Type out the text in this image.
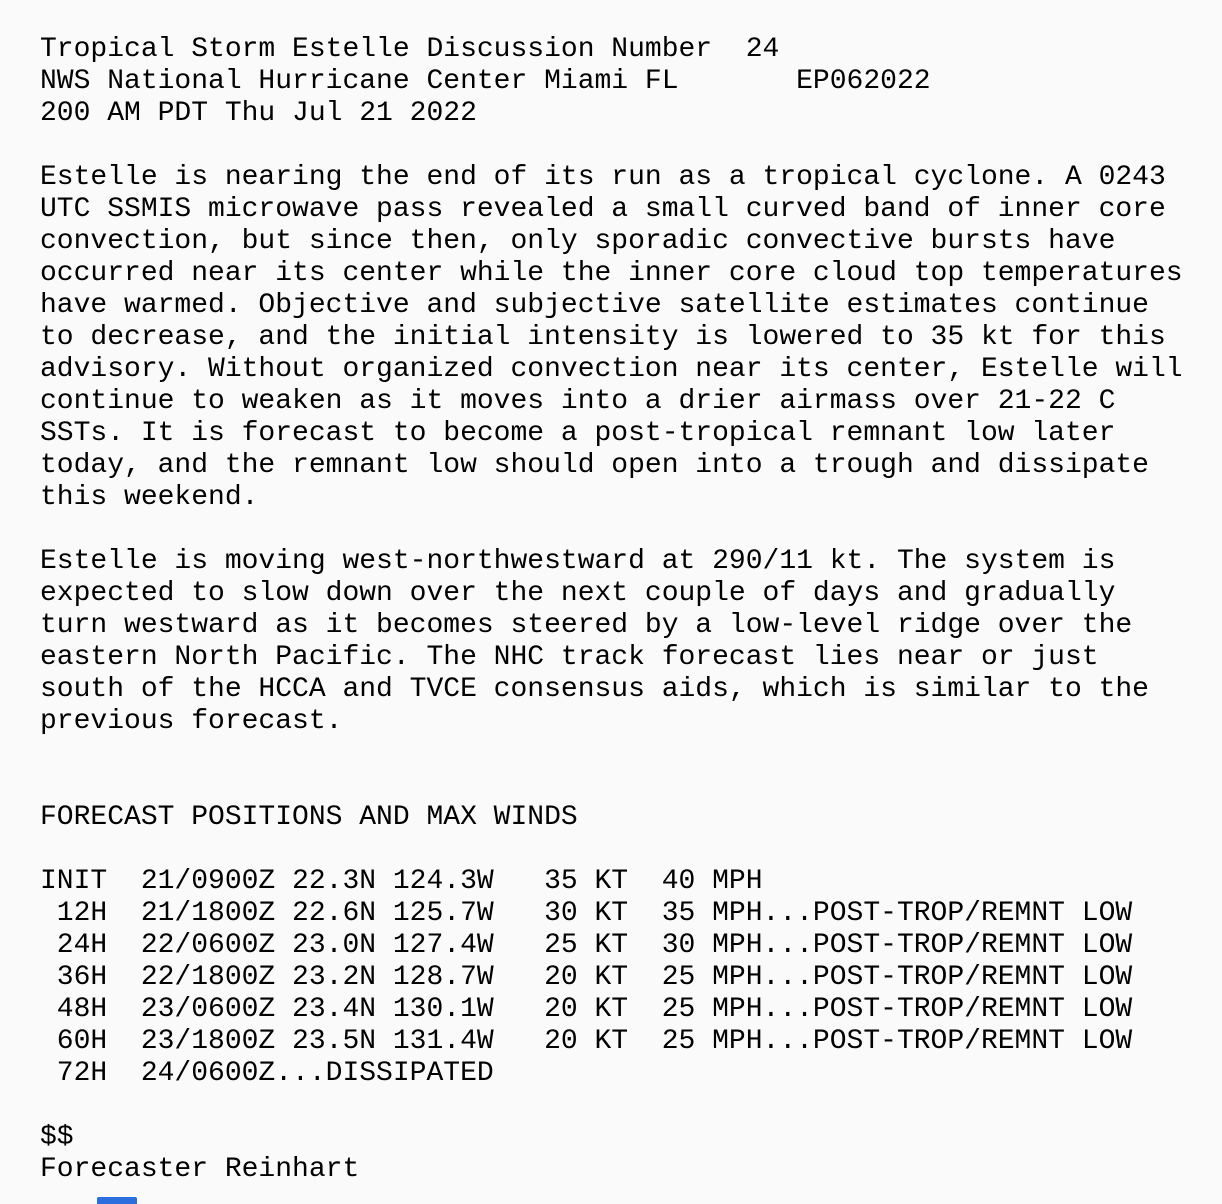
Tropical Storm Estelle Discussion Number  24
NWS National Hurricane Center Miami FL       EP062022
200 AM PDT Thu Jul 21 2022
Estelle is nearing the end of its run as a tropical cyclone. A 0243
UTC SSMIS microwave pass revealed a small curved band of inner core
convection, but since then, only sporadic convective bursts have
occurred near its center while the inner core cloud top temperatures
have warmed. Objective and subjective satellite estimates continue
to decrease, and the initial intensity is lowered to 35 kt for this
advisory. Without organized convection near its center, Estelle will
continue to weaken as it moves into a drier airmass over 21-22 C
SSTs. It is forecast to become a post-tropical remnant low later
today, and the remnant low should open into a trough and dissipate
this weekend.
Estelle is moving west-northwestward at 290/11 kt. The system is
expected to slow down over the next couple of days and gradually
turn westward as it becomes steered by a low-level ridge over the
eastern North Pacific. The NHC track forecast lies near or just
south of the HCCA and TVCE consensus aids, which is similar to the
previous forecast.
FORECAST POSITIONS AND MAX WINDS
INIT  21/0900Z 22.3N 124.3W   35 KT  40 MPH
12H  21/1800Z 22.6N 125.7W   30 KT  35 MPH...POST-TROP/REMNT LOW
24H  22/0600Z 23.0N 127.4W   25 KT  30 MPH...POST-TROP/REMNT LOW
36H  22/1800Z 23.2N 128.7W   20 KT  25 MPH...POST-TROP/REMNT LOW
48H  23/0600Z 23.4N 130.1W   20 KT  25 MPH...POST-TROP/REMNT LOW
60H  23/1800Z 23.5N 131.4W   20 KT  25 MPH...POST-TROP/REMNT LOW
72H  24/0600Z...DISSIPATED
$$
Forecaster Reinhart
